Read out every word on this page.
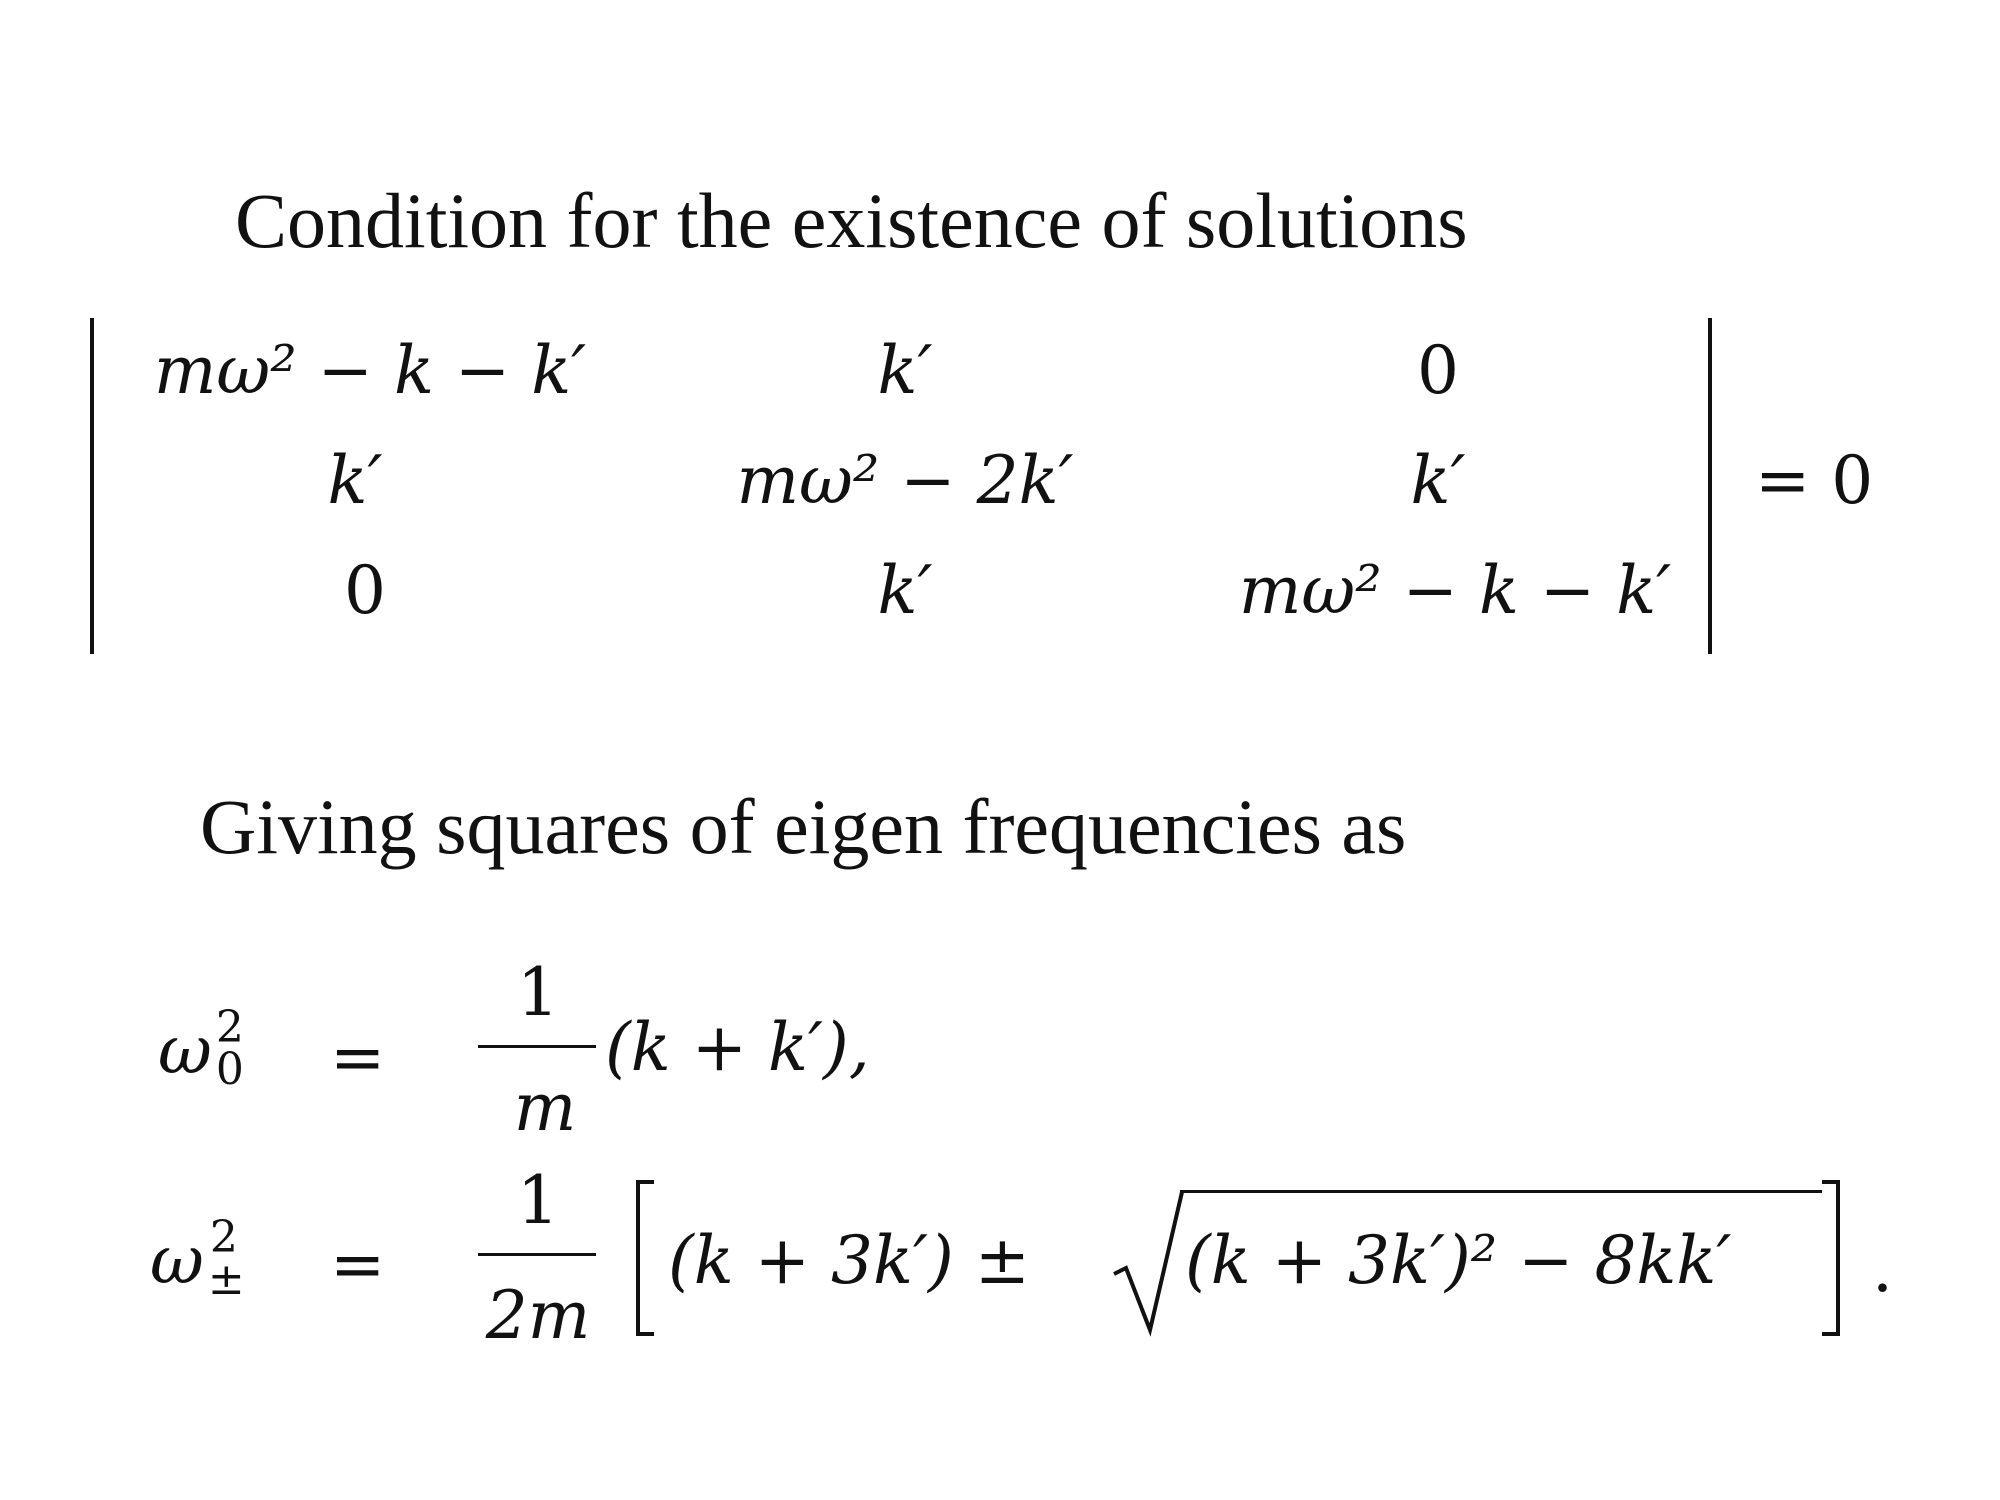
Condition for the existence of solutions
mω² − k − k′	k′	0
k′	mω² − 2k′	k′
0	k′	mω² − k − k′
= 0
Giving squares of eigen frequencies as
ω 2
0 =
1
m
(k + k′),
ω 2
± =
1
2m
(k + 3k′) ± (k + 3k′)² − 8kk′ .
